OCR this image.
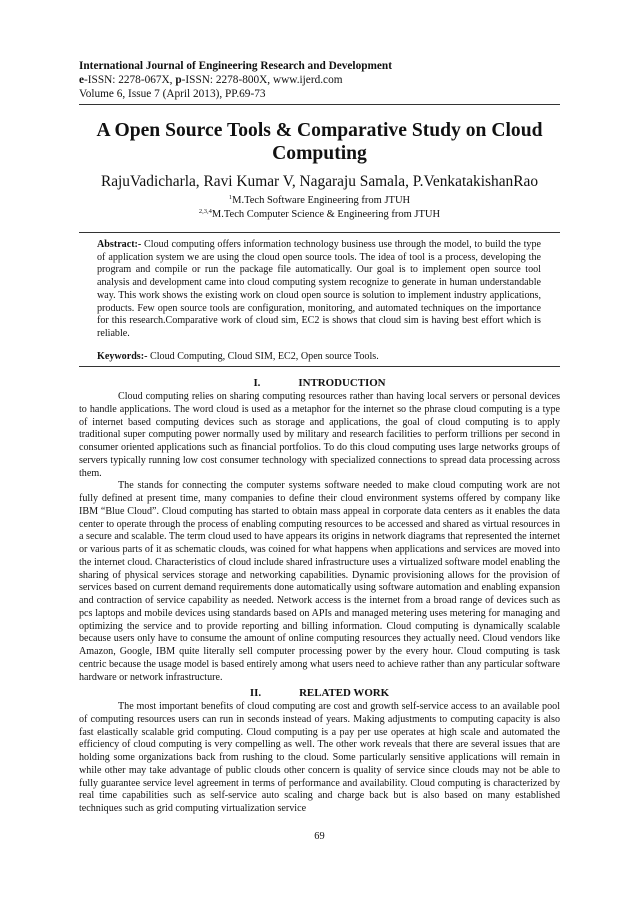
International Journal of Engineering Research and Development
e-ISSN: 2278-067X, p-ISSN: 2278-800X, www.ijerd.com
Volume 6, Issue 7 (April 2013), PP.69-73
A Open Source Tools & Comparative Study on Cloud Computing
RajuVadicharla, Ravi Kumar V, Nagaraju Samala, P.VenkatakishanRao
$^1$M.Tech Software Engineering from JTUH
$^{2,3,4}$M.Tech Computer Science & Engineering from JTUH
Abstract:- Cloud computing offers information technology business use through the model, to build the type of application system we are using the cloud open source tools. The idea of tool is a process, developing the program and compile or run the package file automatically. Our goal is to implement open source tool analysis and development came into cloud computing system recognize to generate in human understandable way. This work shows the existing work on cloud open source is solution to implement industry applications, products. Few open source tools are configuration, monitoring, and automated techniques on the importance for this research.Comparative work of cloud sim, EC2 is shows that cloud sim is having best effort which is reliable.
Keywords:- Cloud Computing, Cloud SIM, EC2, Open source Tools.
I.	INTRODUCTION

Cloud computing relies on sharing computing resources rather than having local servers or personal devices to handle applications. The word cloud is used as a metaphor for the internet so the phrase cloud computing is a type of internet based computing devices such as storage and applications, the goal of cloud computing is to apply traditional super computing power normally used by military and research facilities to perform trillions per second in consumer oriented applications such as financial portfolios. To do this cloud computing uses large networks groups of servers typically running low cost consumer technology with specialized connections to spread data processing across them.

The stands for connecting the computer systems software needed to make cloud computing work are not fully defined at present time, many companies to define their cloud environment systems offered by company like IBM “Blue Cloud”. Cloud computing has started to obtain mass appeal in corporate data centers as it enables the data center to operate through the process of enabling computing resources to be accessed and shared as virtual resources in a secure and scalable. The term cloud used to have appears its origins in network diagrams that represented the internet or various parts of it as schematic clouds, was coined for what happens when applications and services are moved into the internet cloud. Characteristics of cloud include shared infrastructure uses a virtualized software model enabling the sharing of physical services storage and networking capabilities. Dynamic provisioning allows for the provision of services based on current demand requirements done automatically using software automation and enabling expansion and contraction of service capability as needed. Network access is the internet from a broad range of devices such as pcs laptops and mobile devices using standards based on APIs and managed metering uses metering for managing and optimizing the service and to provide reporting and billing information. Cloud computing is dynamically scalable because users only have to consume the amount of online computing resources they actually need. Cloud vendors like Amazon, Google, IBM quite literally sell computer processing power by the every hour. Cloud computing is task centric because the usage model is based entirely among what users need to achieve rather than any particular software hardware or network infrastructure.

II.	RELATED WORK

The most important benefits of cloud computing are cost and growth self-service access to an available pool of computing resources users can run in seconds instead of years. Making adjustments to computing capacity is also fast elastically scalable grid computing. Cloud computing is a pay per use operates at high scale and automated the efficiency of cloud computing is very compelling as well. The other work reveals that there are several issues that are holding some organizations back from rushing to the cloud. Some particularly sensitive applications will remain in while other may take advantage of public clouds other concern is quality of service since clouds may not be able to fully guarantee service level agreement in terms of performance and availability. Cloud computing is characterized by real time capabilities such as self-service auto scaling and charge back but is also based on many established techniques such as grid computing virtualization service

69
